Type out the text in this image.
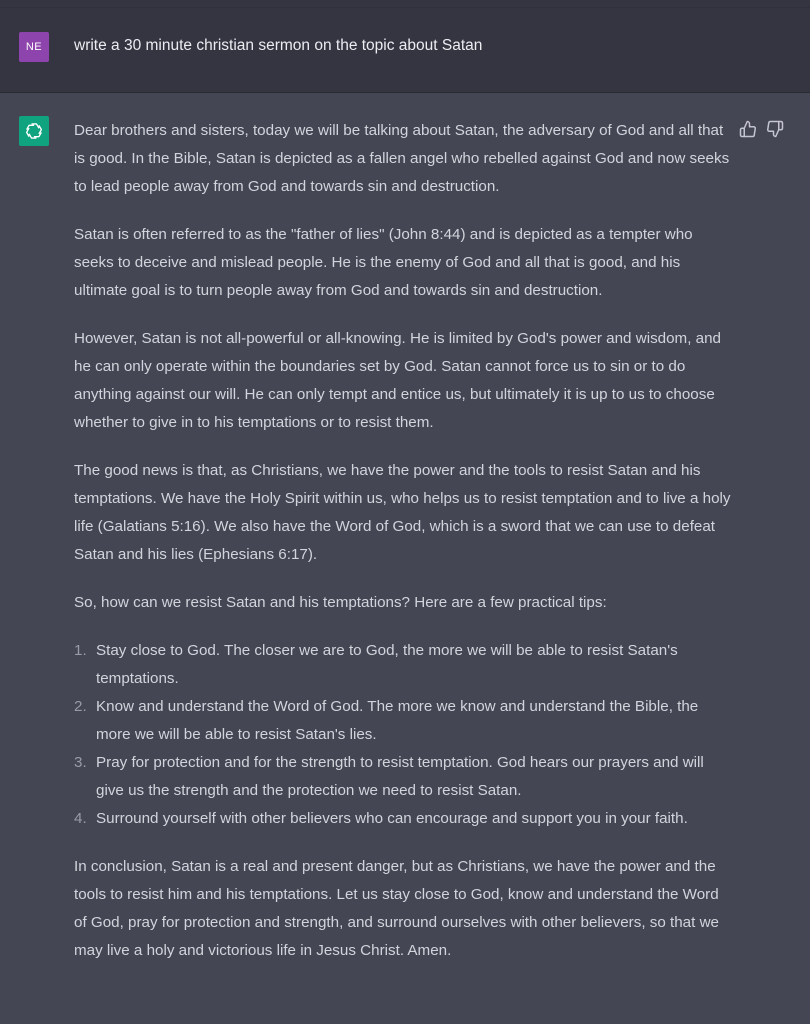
NE	write a 30 minute christian sermon on the topic about Satan

Dear brothers and sisters, today we will be talking about Satan, the adversary of God and all that is good. In the Bible, Satan is depicted as a fallen angel who rebelled against God and now seeks to lead people away from God and towards sin and destruction.

Satan is often referred to as the "father of lies" (John 8:44) and is depicted as a tempter who seeks to deceive and mislead people. He is the enemy of God and all that is good, and his ultimate goal is to turn people away from God and towards sin and destruction.

However, Satan is not all-powerful or all-knowing. He is limited by God's power and wisdom, and he can only operate within the boundaries set by God. Satan cannot force us to sin or to do anything against our will. He can only tempt and entice us, but ultimately it is up to us to choose whether to give in to his temptations or to resist them.

The good news is that, as Christians, we have the power and the tools to resist Satan and his temptations. We have the Holy Spirit within us, who helps us to resist temptation and to live a holy life (Galatians 5:16). We also have the Word of God, which is a sword that we can use to defeat Satan and his lies (Ephesians 6:17).

So, how can we resist Satan and his temptations? Here are a few practical tips:

1. Stay close to God. The closer we are to God, the more we will be able to resist Satan's temptations.
2. Know and understand the Word of God. The more we know and understand the Bible, the more we will be able to resist Satan's lies.
3. Pray for protection and for the strength to resist temptation. God hears our prayers and will give us the strength and the protection we need to resist Satan.
4. Surround yourself with other believers who can encourage and support you in your faith.

In conclusion, Satan is a real and present danger, but as Christians, we have the power and the tools to resist him and his temptations. Let us stay close to God, know and understand the Word of God, pray for protection and strength, and surround ourselves with other believers, so that we may live a holy and victorious life in Jesus Christ. Amen.
